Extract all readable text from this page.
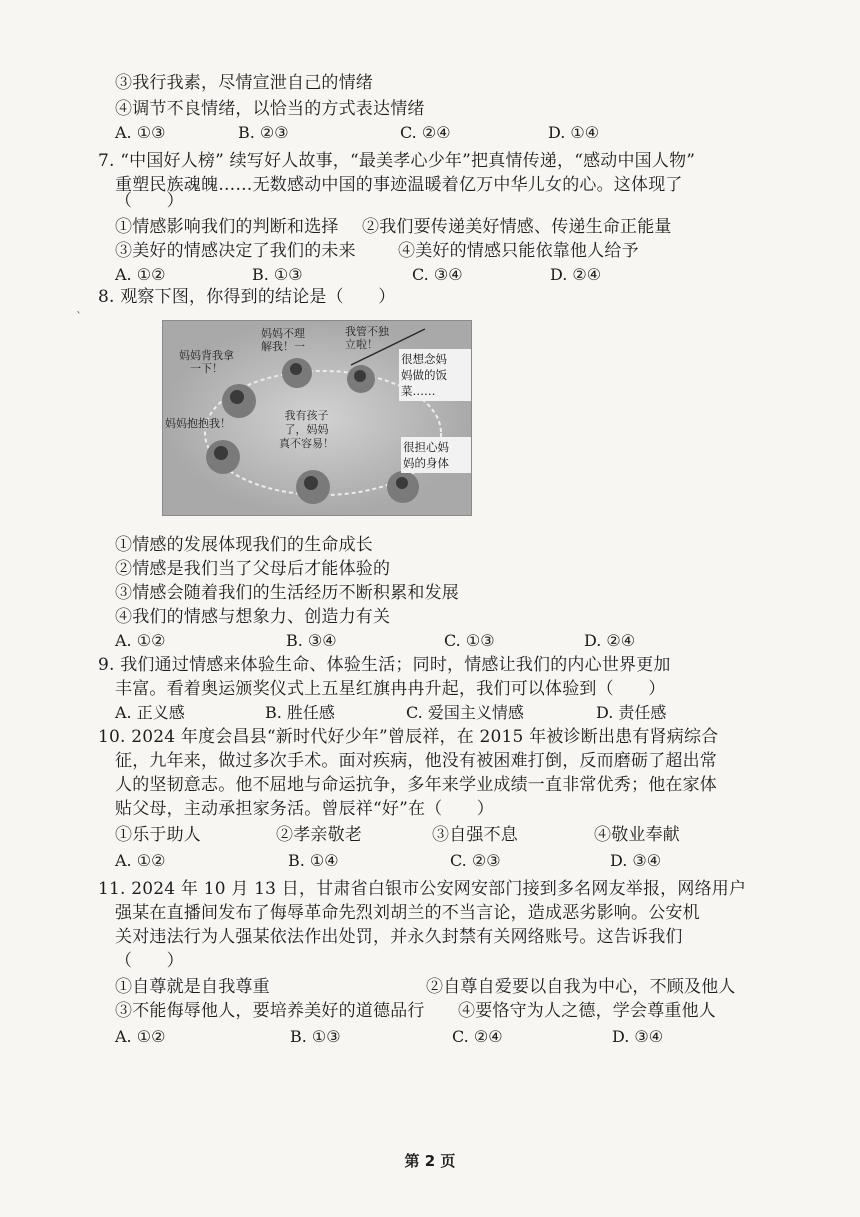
③我行我素，尽情宣泄自己的情绪
④调节不良情绪，以恰当的方式表达情绪
A. ①③	B. ②③	C. ②④	D. ①④
7. “中国好人榜” 续写好人故事，“最美孝心少年”把真情传递，“感动中国人物”
重塑民族魂魄……无数感动中国的事迹温暖着亿万中华儿女的心。这体现了
（　　）
①情感影响我们的判断和选择 ②我们要传递美好情感、传递生命正能量
③美好的情感决定了我们的未来 ④美好的情感只能依靠他人给予
A. ①②	B. ①③	C. ③④	D. ②④
8. 观察下图，你得到的结论是（　　）
`
妈妈背我拿
一下！
妈妈不理
解我！一
我管不独
立啦！
很想念妈
妈做的饭
菜……
妈妈抱抱我！
我有孩子
了，妈妈
真不容易！	很担心妈
妈的身体
①情感的发展体现我们的生命成长
②情感是我们当了父母后才能体验的
③情感会随着我们的生活经历不断积累和发展
④我们的情感与想象力、创造力有关
A. ①②	B. ③④	C. ①③	D. ②④
9. 我们通过情感来体验生命、体验生活；同时，情感让我们的内心世界更加
丰富。看着奥运颁奖仪式上五星红旗冉冉升起，我们可以体验到（　　）
A. 正义感	B. 胜任感	C. 爱国主义情感	D. 责任感
10. 2024 年度会昌县“新时代好少年”曾辰祥，在 2015 年被诊断出患有肾病综合
征，九年来，做过多次手术。面对疾病，他没有被困难打倒，反而磨砺了超出常
人的坚韧意志。他不屈地与命运抗争，多年来学业成绩一直非常优秀；他在家体
贴父母，主动承担家务活。曾辰祥“好”在（　　）
①乐于助人	②孝亲敬老	③自强不息	④敬业奉献
A. ①②	B. ①④	C. ②③	D. ③④
11. 2024 年 10 月 13 日，甘肃省白银市公安网安部门接到多名网友举报，网络用户
强某在直播间发布了侮辱革命先烈刘胡兰的不当言论，造成恶劣影响。公安机
关对违法行为人强某依法作出处罚，并永久封禁有关网络账号。这告诉我们
（　　）
①自尊就是自我尊重	②自尊自爱要以自我为中心，不顾及他人
③不能侮辱他人，要培养美好的道德品行 ④要恪守为人之德，学会尊重他人
A. ①②	B. ①③	C. ②④	D. ③④
第 2 页
